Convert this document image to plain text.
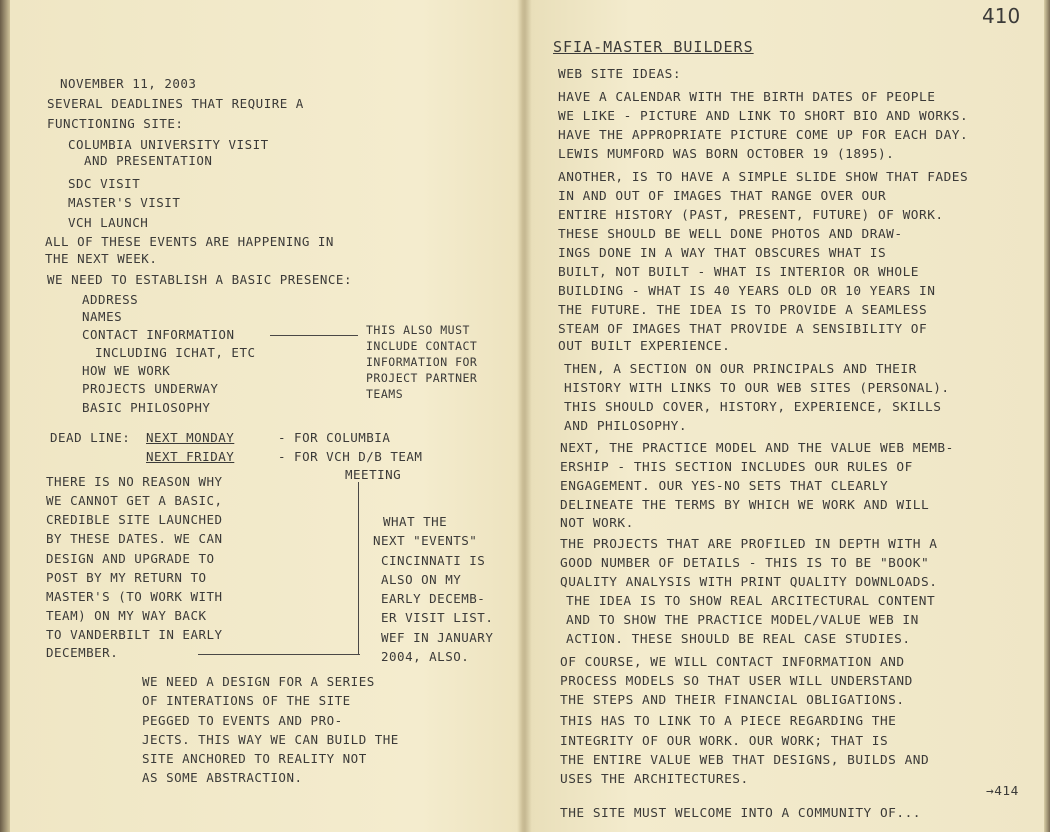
NOVEMBER 11, 2003

SEVERAL DEADLINES THAT REQUIRE A

FUNCTIONING SITE:

COLUMBIA UNIVERSITY VISIT

AND PRESENTATION

SDC VISIT

MASTER'S VISIT

VCH LAUNCH

ALL OF THESE EVENTS ARE HAPPENING IN

THE NEXT WEEK.

WE NEED TO ESTABLISH A BASIC PRESENCE:

ADDRESS

NAMES

CONTACT INFORMATION

INCLUDING ICHAT, ETC

HOW WE WORK

PROJECTS UNDERWAY

BASIC PHILOSOPHY

THIS ALSO MUST

INCLUDE CONTACT

INFORMATION FOR

PROJECT PARTNER

TEAMS

DEAD LINE: NEXT MONDAY	- FOR COLUMBIA

NEXT FRIDAY	- FOR VCH D/B TEAM

MEETING

THERE IS NO REASON WHY

WE CANNOT GET A BASIC,

CREDIBLE SITE LAUNCHED

BY THESE DATES. WE CAN

DESIGN AND UPGRADE TO

POST BY MY RETURN TO

MASTER'S (TO WORK WITH

TEAM) ON MY WAY BACK

TO VANDERBILT IN EARLY

DECEMBER.

WHAT THE

NEXT "EVENTS"

CINCINNATI IS

ALSO ON MY

EARLY DECEMB-

ER VISIT LIST.

WEF IN JANUARY

2004, ALSO.

WE NEED A DESIGN FOR A SERIES

OF INTERATIONS OF THE SITE

PEGGED TO EVENTS AND PRO-

JECTS. THIS WAY WE CAN BUILD THE

SITE ANCHORED TO REALITY NOT

AS SOME ABSTRACTION.

410

SFIA-MASTER BUILDERS

WEB SITE IDEAS:

HAVE A CALENDAR WITH THE BIRTH DATES OF PEOPLE

WE LIKE - PICTURE AND LINK TO SHORT BIO AND WORKS.

HAVE THE APPROPRIATE PICTURE COME UP FOR EACH DAY.

LEWIS MUMFORD WAS BORN OCTOBER 19 (1895).

ANOTHER, IS TO HAVE A SIMPLE SLIDE SHOW THAT FADES

IN AND OUT OF IMAGES THAT RANGE OVER OUR

ENTIRE HISTORY (PAST, PRESENT, FUTURE) OF WORK.

THESE SHOULD BE WELL DONE PHOTOS AND DRAW-

INGS DONE IN A WAY THAT OBSCURES WHAT IS

BUILT, NOT BUILT - WHAT IS INTERIOR OR WHOLE

BUILDING - WHAT IS 40 YEARS OLD OR 10 YEARS IN

THE FUTURE. THE IDEA IS TO PROVIDE A SEAMLESS

STEAM OF IMAGES THAT PROVIDE A SENSIBILITY OF

OUT BUILT EXPERIENCE.

THEN, A SECTION ON OUR PRINCIPALS AND THEIR

HISTORY WITH LINKS TO OUR WEB SITES (PERSONAL).

THIS SHOULD COVER, HISTORY, EXPERIENCE, SKILLS

AND PHILOSOPHY.

NEXT, THE PRACTICE MODEL AND THE VALUE WEB MEMB-

ERSHIP - THIS SECTION INCLUDES OUR RULES OF

ENGAGEMENT. OUR YES-NO SETS THAT CLEARLY

DELINEATE THE TERMS BY WHICH WE WORK AND WILL

NOT WORK.

THE PROJECTS THAT ARE PROFILED IN DEPTH WITH A

GOOD NUMBER OF DETAILS - THIS IS TO BE "BOOK"

QUALITY ANALYSIS WITH PRINT QUALITY DOWNLOADS.

THE IDEA IS TO SHOW REAL ARCITECTURAL CONTENT

AND TO SHOW THE PRACTICE MODEL/VALUE WEB IN

ACTION. THESE SHOULD BE REAL CASE STUDIES.

OF COURSE, WE WILL CONTACT INFORMATION AND

PROCESS MODELS SO THAT USER WILL UNDERSTAND

THE STEPS AND THEIR FINANCIAL OBLIGATIONS.

THIS HAS TO LINK TO A PIECE REGARDING THE

INTEGRITY OF OUR WORK. OUR WORK; THAT IS

THE ENTIRE VALUE WEB THAT DESIGNS, BUILDS AND

USES THE ARCHITECTURES.

→414

THE SITE MUST WELCOME INTO A COMMUNITY OF...
